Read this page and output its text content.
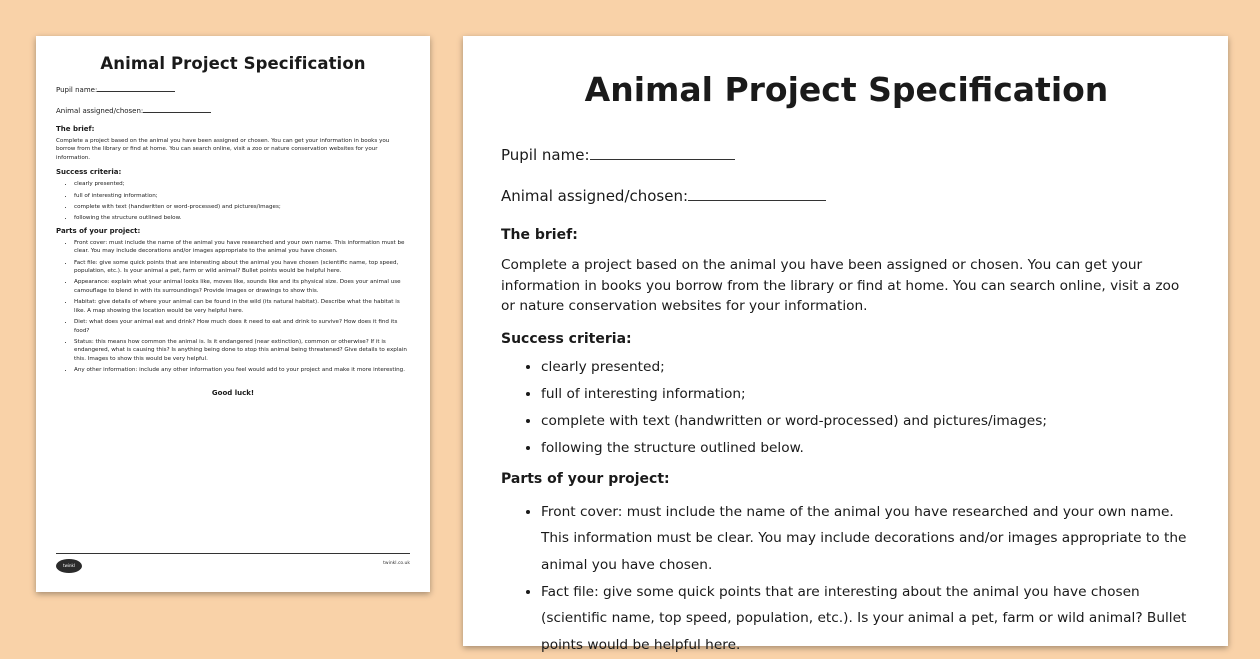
Animal Project Specification
Pupil name:
Animal assigned/chosen:
The brief:

Complete a project based on the animal you have been assigned or chosen. You can get your information in books you borrow from the library or find at home. You can search online, visit a zoo or nature conservation websites for your information.

Success criteria:
• clearly presented;
• full of interesting information;
• complete with text (handwritten or word-processed) and pictures/images;
• following the structure outlined below.
Parts of your project:
• Front cover: must include the name of the animal you have researched and your own name. This information must be clear. You may include decorations and/or images appropriate to the animal you have chosen.
• Fact file: give some quick points that are interesting about the animal you have chosen (scientific name, top speed, population, etc.). Is your animal a pet, farm or wild animal? Bullet points would be helpful here.
• Appearance: explain what your animal looks like, moves like, sounds like and its physical size. Does your animal use camouflage to blend in with its surroundings? Provide images or drawings to show this.
• Habitat: give details of where your animal can be found in the wild (its natural habitat). Describe what the habitat is like. A map showing the location would be very helpful here.
• Diet: what does your animal eat and drink? How much does it need to eat and drink to survive? How does it find its food?
• Status: this means how common the animal is. Is it endangered (near extinction), common or otherwise? If it is endangered, what is causing this? Is anything being done to stop this animal being threatened? Give details to explain this. Images to show this would be very helpful.
• Any other information: include any other information you feel would add to your project and make it more interesting.
Good luck!
twinkl	twinkl.co.uk
Animal Project Specification
Pupil name:
Animal assigned/chosen:
The brief:

Complete a project based on the animal you have been assigned or chosen. You can get your information in books you borrow from the library or find at home. You can search online, visit a zoo or nature conservation websites for your information.

Success criteria:
• clearly presented;
• full of interesting information;
• complete with text (handwritten or word-processed) and pictures/images;
• following the structure outlined below.
Parts of your project:
• Front cover: must include the name of the animal you have researched and your own name. This information must be clear. You may include decorations and/or images appropriate to the animal you have chosen.
• Fact file: give some quick points that are interesting about the animal you have chosen (scientific name, top speed, population, etc.). Is your animal a pet, farm or wild animal? Bullet points would be helpful here.
